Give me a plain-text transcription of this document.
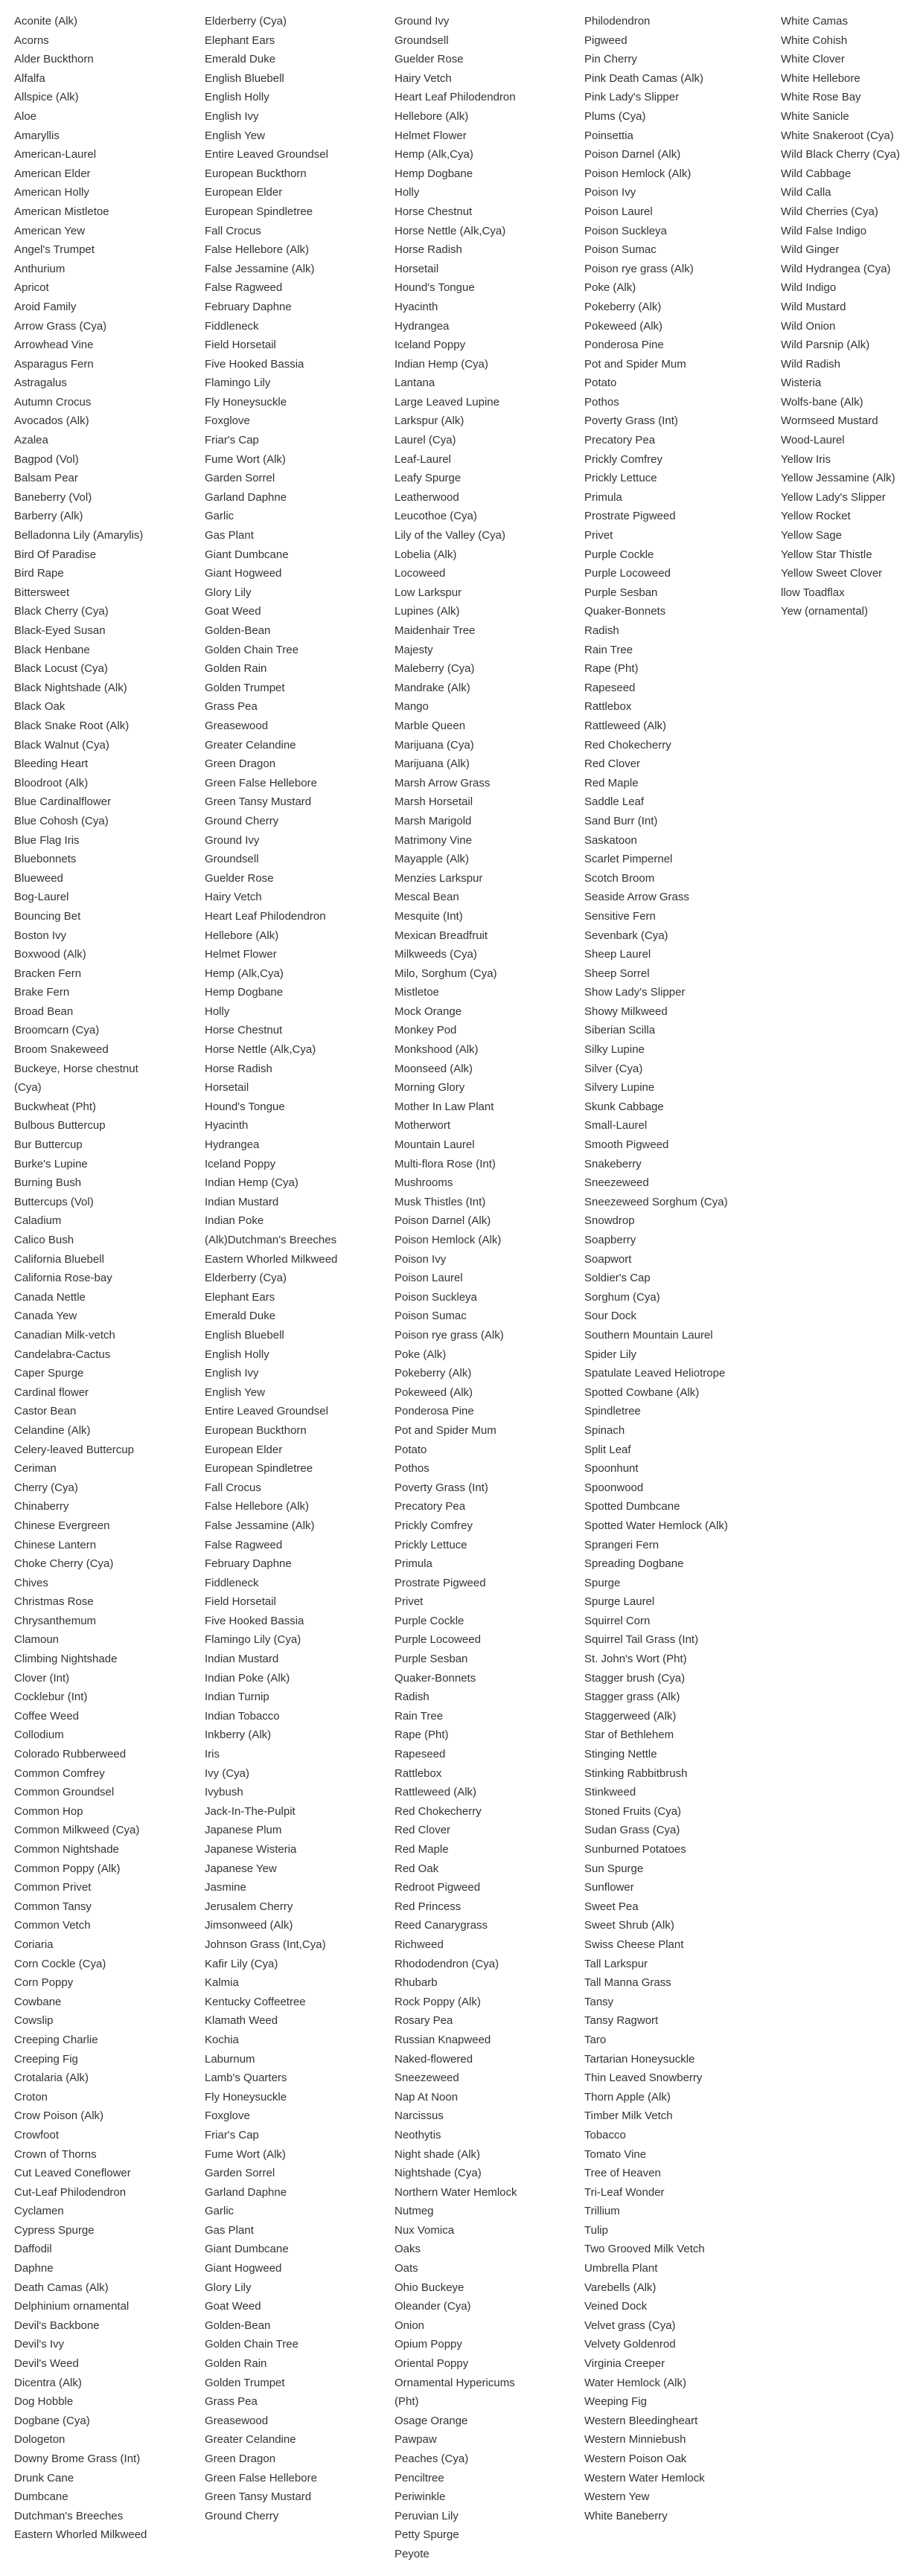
Aconite (Alk)
Acorns
Alder Buckthorn
Alfalfa
Allspice (Alk)
Aloe
Amaryllis
American-Laurel
American Elder
American Holly
American Mistletoe
American Yew
Angel's Trumpet
Anthurium
Apricot
Aroid Family
Arrow Grass (Cya)
Arrowhead Vine
Asparagus Fern
Astragalus
Autumn Crocus
Avocados (Alk)
Azalea
Bagpod (Vol)
Balsam Pear
Baneberry (Vol)
Barberry (Alk)
Belladonna Lily (Amarylis)
Bird Of Paradise
Bird Rape
Bittersweet
Black Cherry (Cya)
Black-Eyed Susan
Black Henbane
Black Locust (Cya)
Black Nightshade (Alk)
Black Oak
Black Snake Root (Alk)
Black Walnut (Cya)
Bleeding Heart
Bloodroot (Alk)
Blue Cardinalflower
Blue Cohosh (Cya)
Blue Flag Iris
Bluebonnets
Blueweed
Bog-Laurel
Bouncing Bet
Boston Ivy
Boxwood (Alk)
Bracken Fern
Brake Fern
Broad Bean
Broomcarn (Cya)
Broom Snakeweed
Buckeye, Horse chestnut
(Cya)
Buckwheat (Pht)
Bulbous Buttercup
Bur Buttercup
Burke's Lupine
Burning Bush
Buttercups (Vol)
Caladium
Calico Bush
California Bluebell
California Rose-bay
Canada Nettle
Canada Yew
Canadian Milk-vetch
Candelabra-Cactus
Caper Spurge
Cardinal flower
Castor Bean
Celandine (Alk)
Celery-leaved Buttercup
Ceriman
Cherry (Cya)
Chinaberry
Chinese Evergreen
Chinese Lantern
Choke Cherry (Cya)
Chives
Christmas Rose
Chrysanthemum
Clamoun
Climbing Nightshade
Clover (Int)
Cocklebur (Int)
Coffee Weed
Collodium
Colorado Rubberweed
Common Comfrey
Common Groundsel
Common Hop
Common Milkweed (Cya)
Common Nightshade
Common Poppy (Alk)
Common Privet
Common Tansy
Common Vetch
Coriaria
Corn Cockle (Cya)
Corn Poppy
Cowbane
Cowslip
Creeping Charlie
Creeping Fig
Crotalaria (Alk)
Croton
Crow Poison (Alk)
Crowfoot
Crown of Thorns
Cut Leaved Coneflower
Cut-Leaf Philodendron
Cyclamen
Cypress Spurge
Daffodil
Daphne
Death Camas (Alk)
Delphinium ornamental
Devil's Backbone
Devil's Ivy
Devil's Weed
Dicentra (Alk)
Dog Hobble
Dogbane (Cya)
Dologeton
Downy Brome Grass (Int)
Drunk Cane
Dumbcane
Dutchman's Breeches
Eastern Whorled Milkweed
Elderberry (Cya)
Elephant Ears
Emerald Duke
English Bluebell
English Holly
English Ivy
English Yew
Entire Leaved Groundsel
European Buckthorn
European Elder
European Spindletree
Fall Crocus
False Hellebore (Alk)
False Jessamine (Alk)
False Ragweed
February Daphne
Fiddleneck
Field Horsetail
Five Hooked Bassia
Flamingo Lily
Fly Honeysuckle
Foxglove
Friar's Cap
Fume Wort (Alk)
Garden Sorrel
Garland Daphne
Garlic
Gas Plant
Giant Dumbcane
Giant Hogweed
Glory Lily
Goat Weed
Golden-Bean
Golden Chain Tree
Golden Rain
Golden Trumpet
Grass Pea
Greasewood
Greater Celandine
Green Dragon
Green False Hellebore
Green Tansy Mustard
Ground Cherry
Ground Ivy
Groundsell
Guelder Rose
Hairy Vetch
Heart Leaf Philodendron
Hellebore (Alk)
Helmet Flower
Hemp (Alk,Cya)
Hemp Dogbane
Holly
Horse Chestnut
Horse Nettle (Alk,Cya)
Horse Radish
Horsetail
Hound's Tongue
Hyacinth
Hydrangea
Iceland Poppy
Indian Hemp (Cya)
Indian Mustard
Indian Poke
(Alk)Dutchman's Breeches
Eastern Whorled Milkweed
Elderberry (Cya)
Elephant Ears
Emerald Duke
English Bluebell
English Holly
English Ivy
English Yew
Entire Leaved Groundsel
European Buckthorn
European Elder
European Spindletree
Fall Crocus
False Hellebore (Alk)
False Jessamine (Alk)
False Ragweed
February Daphne
Fiddleneck
Field Horsetail
Five Hooked Bassia
Flamingo Lily (Cya)
Indian Mustard
Indian Poke (Alk)
Indian Turnip
Indian Tobacco
Inkberry (Alk)
Iris
Ivy (Cya)
Ivybush
Jack-In-The-Pulpit
Japanese Plum
Japanese Wisteria
Japanese Yew
Jasmine
Jerusalem Cherry
Jimsonweed (Alk)
Johnson Grass (Int,Cya)
Kafir Lily (Cya)
Kalmia
Kentucky Coffeetree
Klamath Weed
Kochia
Laburnum
Lamb's Quarters
Fly Honeysuckle
Foxglove
Friar's Cap
Fume Wort (Alk)
Garden Sorrel
Garland Daphne
Garlic
Gas Plant
Giant Dumbcane
Giant Hogweed
Glory Lily
Goat Weed
Golden-Bean
Golden Chain Tree
Golden Rain
Golden Trumpet
Grass Pea
Greasewood
Greater Celandine
Green Dragon
Green False Hellebore
Green Tansy Mustard
Ground Cherry
Ground Ivy
Groundsell
Guelder Rose
Hairy Vetch
Heart Leaf Philodendron
Hellebore (Alk)
Helmet Flower
Hemp (Alk,Cya)
Hemp Dogbane
Holly
Horse Chestnut
Horse Nettle (Alk,Cya)
Horse Radish
Horsetail
Hound's Tongue
Hyacinth
Hydrangea
Iceland Poppy
Indian Hemp (Cya)
Lantana
Large Leaved Lupine
Larkspur (Alk)
Laurel (Cya)
Leaf-Laurel
Leafy Spurge
Leatherwood
Leucothoe (Cya)
Lily of the Valley (Cya)
Lobelia (Alk)
Locoweed
Low Larkspur
Lupines (Alk)
Maidenhair Tree
Majesty
Maleberry (Cya)
Mandrake (Alk)
Mango
Marble Queen
Marijuana (Cya)
Marijuana (Alk)
Marsh Arrow Grass
Marsh Horsetail
Marsh Marigold
Matrimony Vine
Mayapple (Alk)
Menzies Larkspur
Mescal Bean
Mesquite (Int)
Mexican Breadfruit
Milkweeds (Cya)
Milo, Sorghum (Cya)
Mistletoe
Mock Orange
Monkey Pod
Monkshood (Alk)
Moonseed (Alk)
Morning Glory
Mother In Law Plant
Motherwort
Mountain Laurel
Multi-flora Rose (Int)
Mushrooms
Musk Thistles (Int)
Poison Darnel (Alk)
Poison Hemlock (Alk)
Poison Ivy
Poison Laurel
Poison Suckleya
Poison Sumac
Poison rye grass (Alk)
Poke (Alk)
Pokeberry (Alk)
Pokeweed (Alk)
Ponderosa Pine
Pot and Spider Mum
Potato
Pothos
Poverty Grass (Int)
Precatory Pea
Prickly Comfrey
Prickly Lettuce
Primula
Prostrate Pigweed
Privet
Purple Cockle
Purple Locoweed
Purple Sesban
Quaker-Bonnets
Radish
Rain Tree
Rape (Pht)
Rapeseed
Rattlebox
Rattleweed (Alk)
Red Chokecherry
Red Clover
Red Maple
Red Oak
Redroot Pigweed
Red Princess
Reed Canarygrass
Richweed
Rhododendron (Cya)
Rhubarb
Rock Poppy (Alk)
Rosary Pea
Russian Knapweed
Naked-flowered
Sneezeweed
Nap At Noon
Narcissus
Neothytis
Night shade (Alk)
Nightshade (Cya)
Northern Water Hemlock
Nutmeg
Nux Vomica
Oaks
Oats
Ohio Buckeye
Oleander (Cya)
Onion
Opium Poppy
Oriental Poppy
Ornamental Hypericums
(Pht)
Osage Orange
Pawpaw
Peaches (Cya)
Penciltree
Periwinkle
Peruvian Lily
Petty Spurge
Peyote
Philodendron
Pigweed
Pin Cherry
Pink Death Camas (Alk)
Pink Lady's Slipper
Plums (Cya)
Poinsettia
Poison Darnel (Alk)
Poison Hemlock (Alk)
Poison Ivy
Poison Laurel
Poison Suckleya
Poison Sumac
Poison rye grass (Alk)
Poke (Alk)
Pokeberry (Alk)
Pokeweed (Alk)
Ponderosa Pine
Pot and Spider Mum
Potato
Pothos
Poverty Grass (Int)
Precatory Pea
Prickly Comfrey
Prickly Lettuce
Primula
Prostrate Pigweed
Privet
Purple Cockle
Purple Locoweed
Purple Sesban
Quaker-Bonnets
Radish
Rain Tree
Rape (Pht)
Rapeseed
Rattlebox
Rattleweed (Alk)
Red Chokecherry
Red Clover
Red Maple
Saddle Leaf
Sand Burr (Int)
Saskatoon
Scarlet Pimpernel
Scotch Broom
Seaside Arrow Grass
Sensitive Fern
Sevenbark (Cya)
Sheep Laurel
Sheep Sorrel
Show Lady's Slipper
Showy Milkweed
Siberian Scilla
Silky Lupine
Silver (Cya)
Silvery Lupine
Skunk Cabbage
Small-Laurel
Smooth Pigweed
Snakeberry
Sneezeweed
Sneezeweed Sorghum (Cya)
Snowdrop
Soapberry
Soapwort
Soldier's Cap
Sorghum (Cya)
Sour Dock
Southern Mountain Laurel
Spider Lily
Spatulate Leaved Heliotrope
Spotted Cowbane (Alk)
Spindletree
Spinach
Split Leaf
Spoonhunt
Spoonwood
Spotted Dumbcane
Spotted Water Hemlock (Alk)
Sprangeri Fern
Spreading Dogbane
Spurge
Spurge Laurel
Squirrel Corn
Squirrel Tail Grass (Int)
St. John's Wort (Pht)
Stagger brush (Cya)
Stagger grass (Alk)
Staggerweed (Alk)
Star of Bethlehem
Stinging Nettle
Stinking Rabbitbrush
Stinkweed
Stoned Fruits (Cya)
Sudan Grass (Cya)
Sunburned Potatoes
Sun Spurge
Sunflower
Sweet Pea
Sweet Shrub (Alk)
Swiss Cheese Plant
Tall Larkspur
Tall Manna Grass
Tansy
Tansy Ragwort
Taro
Tartarian Honeysuckle
Thin Leaved Snowberry
Thorn Apple (Alk)
Timber Milk Vetch
Tobacco
Tomato Vine
Tree of Heaven
Tri-Leaf Wonder
Trillium
Tulip
Two Grooved Milk Vetch
Umbrella Plant
Varebells (Alk)
Veined Dock
Velvet grass (Cya)
Velvety Goldenrod
Virginia Creeper
Water Hemlock (Alk)
Weeping Fig
Western Bleedingheart
Western Minniebush
Western Poison Oak
Western Water Hemlock
Western Yew
White Baneberry
White Camas
White Cohish
White Clover
White Hellebore
White Rose Bay
White Sanicle
White Snakeroot (Cya)
Wild Black Cherry (Cya)
Wild Cabbage
Wild Calla
Wild Cherries (Cya)
Wild False Indigo
Wild Ginger
Wild Hydrangea (Cya)
Wild Indigo
Wild Mustard
Wild Onion
Wild Parsnip (Alk)
Wild Radish
Wisteria
Wolfs-bane (Alk)
Wormseed Mustard
Wood-Laurel
Yellow Iris
Yellow Jessamine (Alk)
Yellow Lady's Slipper
Yellow Rocket
Yellow Sage
Yellow Star Thistle
Yellow Sweet Clover
llow Toadflax
Yew (ornamental)
